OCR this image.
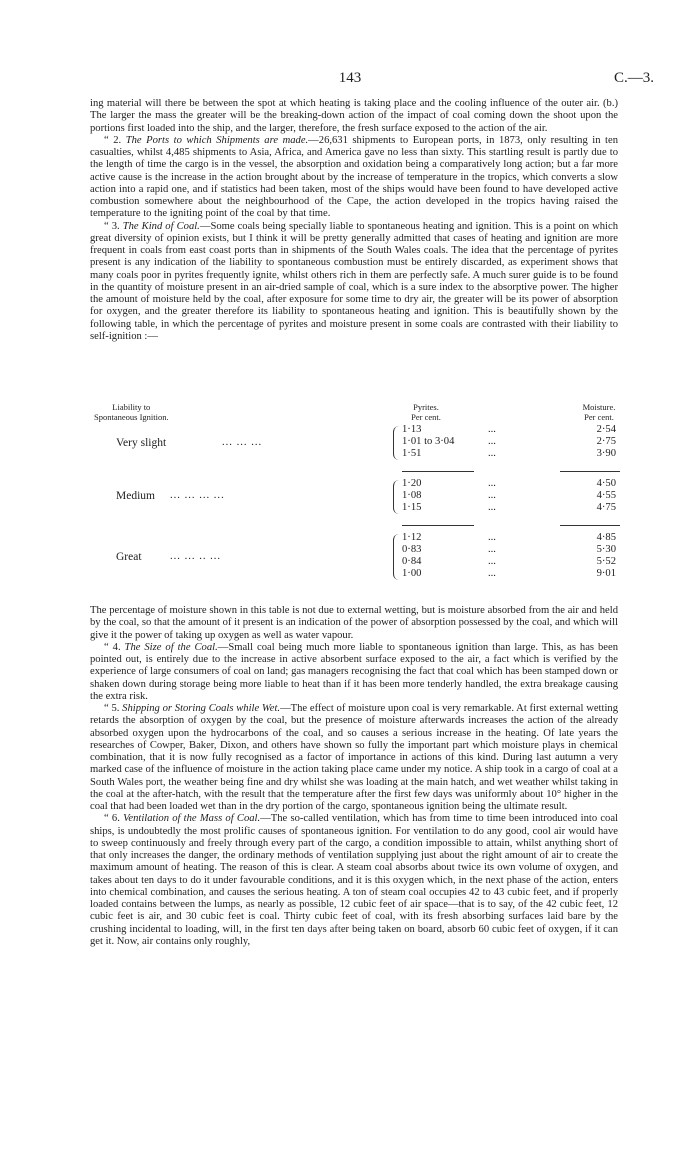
143	C.—3.

ing material will there be between the spot at which heating is taking place and the cooling influence of the outer air. (b.) The larger the mass the greater will be the breaking-down action of the impact of coal coming down the shoot upon the portions first loaded into the ship, and the larger, therefore, the fresh surface exposed to the action of the air.

“ 2. The Ports to which Shipments are made.—26,631 shipments to European ports, in 1873, only resulting in ten casualties, whilst 4,485 shipments to Asia, Africa, and America gave no less than sixty. This startling result is partly due to the length of time the cargo is in the vessel, the absorption and oxidation being a comparatively long action; but a far more active cause is the increase in the action brought about by the increase of temperature in the tropics, which converts a slow action into a rapid one, and if statistics had been taken, most of the ships would have been found to have developed active combustion somewhere about the neighbourhood of the Cape, the action developed in the tropics having raised the temperature to the igniting point of the coal by that time.

“ 3. The Kind of Coal.—Some coals being specially liable to spontaneous heating and ignition. This is a point on which great diversity of opinion exists, but I think it will be pretty generally admitted that cases of heating and ignition are more frequent in coals from east coast ports than in shipments of the South Wales coals. The idea that the percentage of pyrites present is any indication of the liability to spontaneous combustion must be entirely discarded, as experiment shows that many coals poor in pyrites frequently ignite, whilst others rich in them are perfectly safe. A much surer guide is to be found in the quantity of moisture present in an air-dried sample of coal, which is a sure index to the absorptive power. The higher the amount of moisture held by the coal, after exposure for some time to dry air, the greater will be its power of absorption for oxygen, and the greater therefore its liability to spontaneous heating and ignition. This is beautifully shown by the following table, in which the percentage of pyrites and moisture present in some coals are contrasted with their liability to self-ignition :—

Liability to
Spontaneous Ignition.
Pyrites.
Per cent.
Moisture.
Per cent.
Very slight	... ... ...
1·13	...	2·54
1·01 to 3·04	...	2·75
1·51	...	3·90
Medium ... ... ... ...
1·20	...	4·50
1·08	...	4·55
1·15	...	4·75
Great	... ... .. ...
1·12	...	4·85
0·83	...	5·30
0·84	...	5·52
1·00	...	9·01

The percentage of moisture shown in this table is not due to external wetting, but is moisture absorbed from the air and held by the coal, so that the amount of it present is an indication of the power of absorption possessed by the coal, and which will give it the power of taking up oxygen as well as water vapour.

“ 4. The Size of the Coal.—Small coal being much more liable to spontaneous ignition than large. This, as has been pointed out, is entirely due to the increase in active absorbent surface exposed to the air, a fact which is verified by the experience of large consumers of coal on land; gas managers recognising the fact that coal which has been stamped down or shaken down during storage being more liable to heat than if it has been more tenderly handled, the extra breakage causing the extra risk.

“ 5. Shipping or Storing Coals while Wet.—The effect of moisture upon coal is very remarkable. At first external wetting retards the absorption of oxygen by the coal, but the presence of moisture afterwards increases the action of the already absorbed oxygen upon the hydrocarbons of the coal, and so causes a serious increase in the heating. Of late years the researches of Cowper, Baker, Dixon, and others have shown so fully the important part which moisture plays in chemical combination, that it is now fully recognised as a factor of importance in actions of this kind. During last autumn a very marked case of the influence of moisture in the action taking place came under my notice. A ship took in a cargo of coal at a South Wales port, the weather being fine and dry whilst she was loading at the main hatch, and wet weather whilst taking in the coal at the after-hatch, with the result that the temperature after the first few days was uniformly about 10° higher in the coal that had been loaded wet than in the dry portion of the cargo, spontaneous ignition being the ultimate result.

“ 6. Ventilation of the Mass of Coal.—The so-called ventilation, which has from time to time been introduced into coal ships, is undoubtedly the most prolific causes of spontaneous ignition. For ventilation to do any good, cool air would have to sweep continuously and freely through every part of the cargo, a condition impossible to attain, whilst anything short of that only increases the danger, the ordinary methods of ventilation supplying just about the right amount of air to create the maximum amount of heating. The reason of this is clear. A steam coal absorbs about twice its own volume of oxygen, and takes about ten days to do it under favourable conditions, and it is this oxygen which, in the next phase of the action, enters into chemical combination, and causes the serious heating. A ton of steam coal occupies 42 to 43 cubic feet, and if properly loaded contains between the lumps, as nearly as possible, 12 cubic feet of air space—that is to say, of the 42 cubic feet, 12 cubic feet is air, and 30 cubic feet is coal. Thirty cubic feet of coal, with its fresh absorbing surfaces laid bare by the crushing incidental to loading, will, in the first ten days after being taken on board, absorb 60 cubic feet of oxygen, if it can get it. Now, air contains only roughly,
